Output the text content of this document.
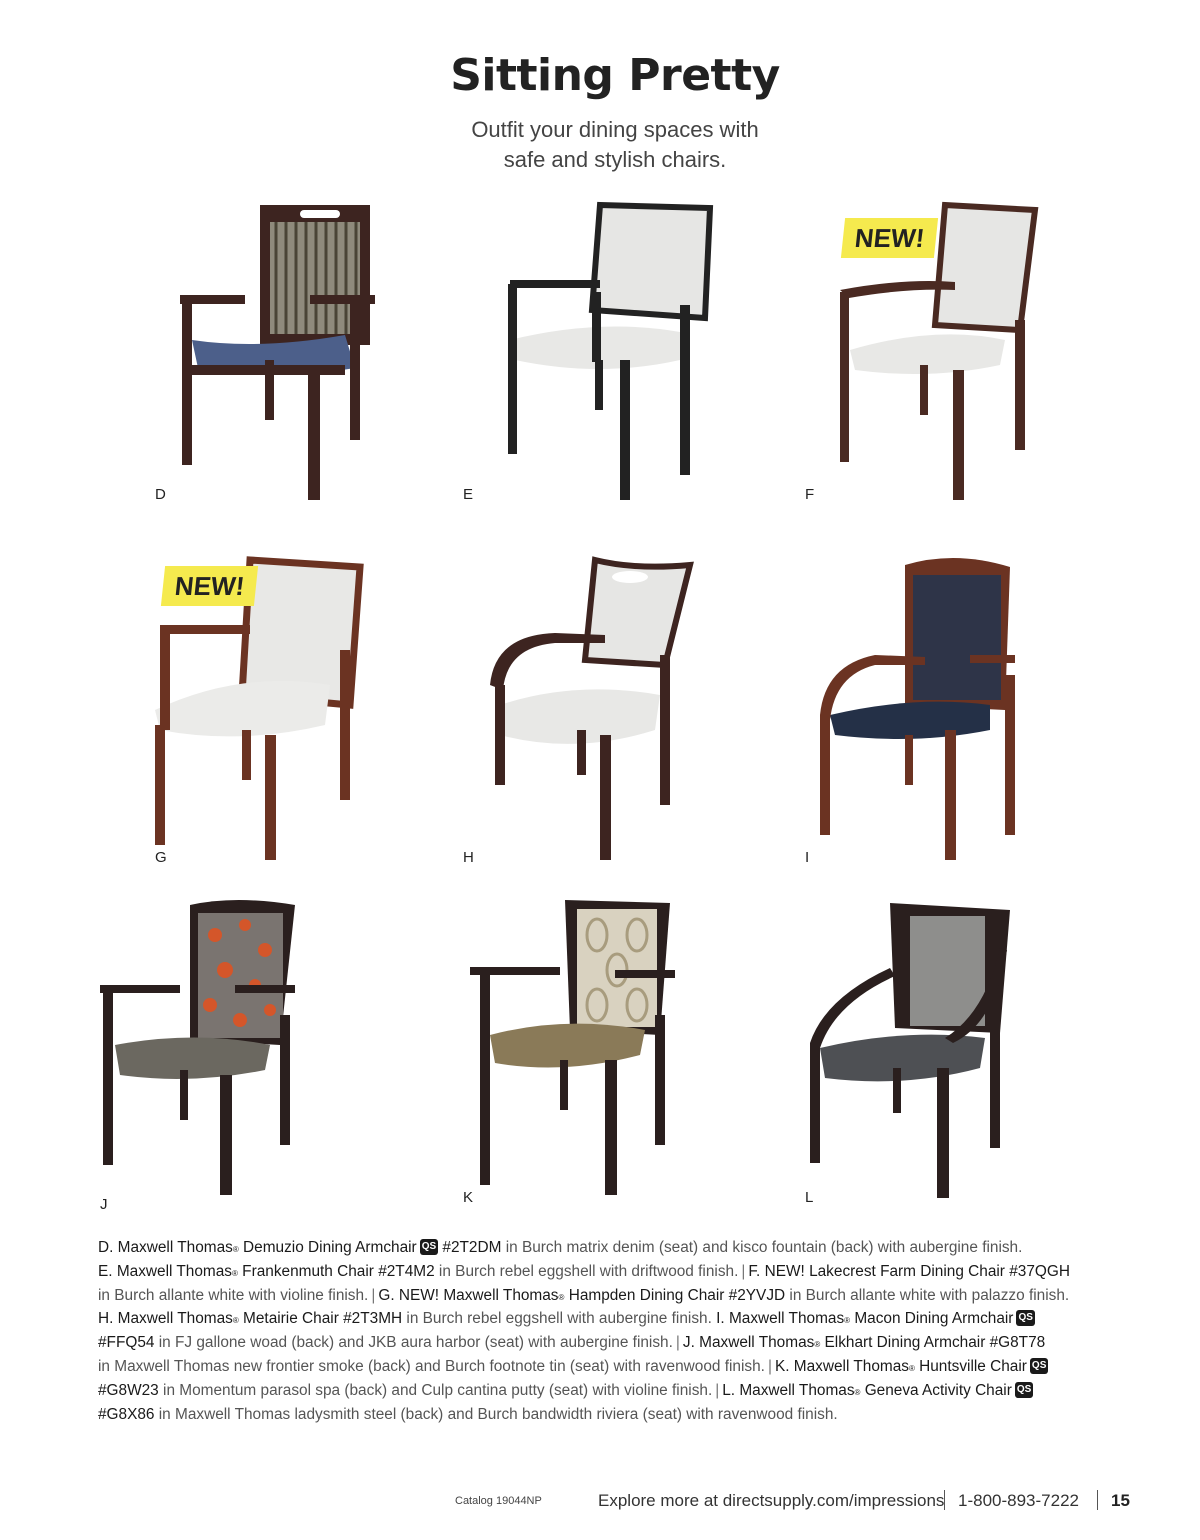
Sitting Pretty
Outfit your dining spaces with
safe and stylish chairs.
D	E
NEW!
F
NEW!
G	H	I
J	K	L
D. Maxwell Thomas® Demuzio Dining Armchair QS #2T2DM in Burch matrix denim (seat) and kisco fountain (back) with aubergine finish.
E. Maxwell Thomas® Frankenmuth Chair #2T4M2 in Burch rebel eggshell with driftwood finish. | F. NEW! Lakecrest Farm Dining Chair #37QGH
in Burch allante white with violine finish. | G. NEW! Maxwell Thomas® Hampden Dining Chair #2YVJD in Burch allante white with palazzo finish.
H. Maxwell Thomas® Metairie Chair #2T3MH in Burch rebel eggshell with aubergine finish. I. Maxwell Thomas® Macon Dining Armchair QS
#FFQ54 in FJ gallone woad (back) and JKB aura harbor (seat) with aubergine finish. | J. Maxwell Thomas® Elkhart Dining Armchair #G8T78
in Maxwell Thomas new frontier smoke (back) and Burch footnote tin (seat) with ravenwood finish. | K. Maxwell Thomas® Huntsville Chair QS
#G8W23 in Momentum parasol spa (back) and Culp cantina putty (seat) with violine finish. | L. Maxwell Thomas® Geneva Activity Chair QS
#G8X86 in Maxwell Thomas ladysmith steel (back) and Burch bandwidth riviera (seat) with ravenwood finish.
Catalog 19044NP	Explore more at directsupply.com/impressions 1-800-893-7222 15
